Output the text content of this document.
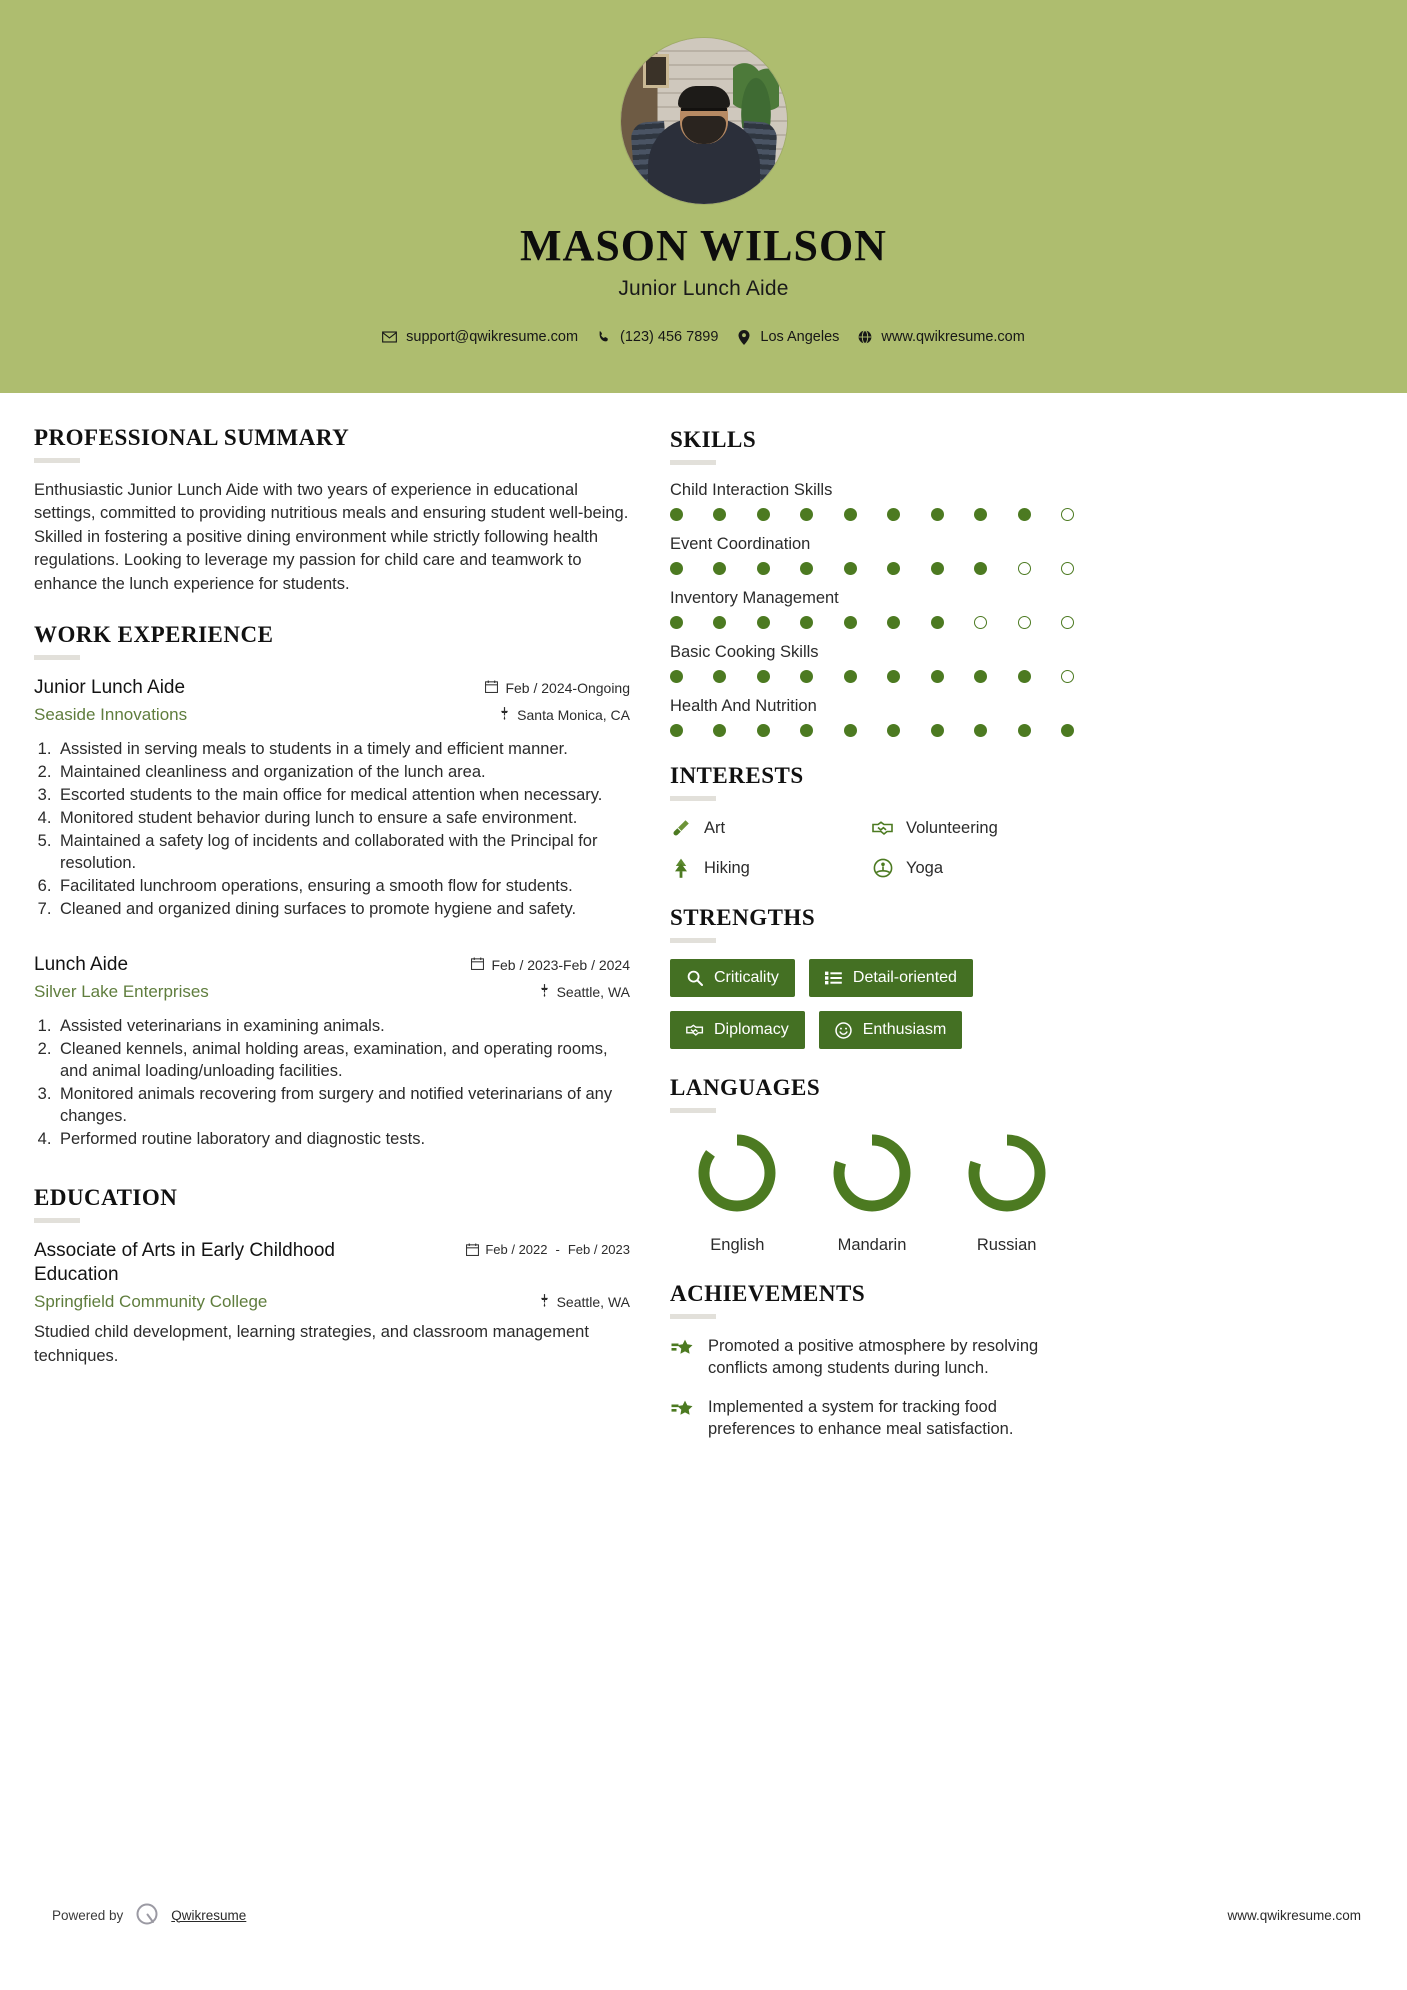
MASON WILSON
Junior Lunch Aide
support@qwikresume.com	(123) 456 7899	Los Angeles	www.qwikresume.com
PROFESSIONAL SUMMARY
Enthusiastic Junior Lunch Aide with two years of experience in educational settings, committed to providing nutritious meals and ensuring student well-being. Skilled in fostering a positive dining environment while strictly following health regulations. Looking to leverage my passion for child care and teamwork to enhance the lunch experience for students.
WORK EXPERIENCE
Junior Lunch Aide	Feb / 2024-Ongoing
Seaside Innovations	Santa Monica, CA
1. Assisted in serving meals to students in a timely and efficient manner.
2. Maintained cleanliness and organization of the lunch area.
3. Escorted students to the main office for medical attention when necessary.
4. Monitored student behavior during lunch to ensure a safe environment.
5. Maintained a safety log of incidents and collaborated with the Principal for resolution.
6. Facilitated lunchroom operations, ensuring a smooth flow for students.
7. Cleaned and organized dining surfaces to promote hygiene and safety.
Lunch Aide	Feb / 2023-Feb / 2024
Silver Lake Enterprises	Seattle, WA
1. Assisted veterinarians in examining animals.
2. Cleaned kennels, animal holding areas, examination, and operating rooms, and animal loading/unloading facilities.
3. Monitored animals recovering from surgery and notified veterinarians of any changes.
4. Performed routine laboratory and diagnostic tests.
EDUCATION
Associate of Arts in Early Childhood Education
Feb / 2022 - Feb / 2023
Springfield Community College	Seattle, WA
Studied child development, learning strategies, and classroom management techniques.
SKILLS
Child Interaction Skills
Event Coordination
Inventory Management
Basic Cooking Skills
Health And Nutrition
INTERESTS
Art	Volunteering
Hiking	Yoga
STRENGTHS
Criticality	Detail-oriented
Diplomacy	Enthusiasm
LANGUAGES
English	Mandarin	Russian
ACHIEVEMENTS
Promoted a positive atmosphere by resolving conflicts among students during lunch.
Implemented a system for tracking food preferences to enhance meal satisfaction.
Powered by	Qwikresume	www.qwikresume.com
